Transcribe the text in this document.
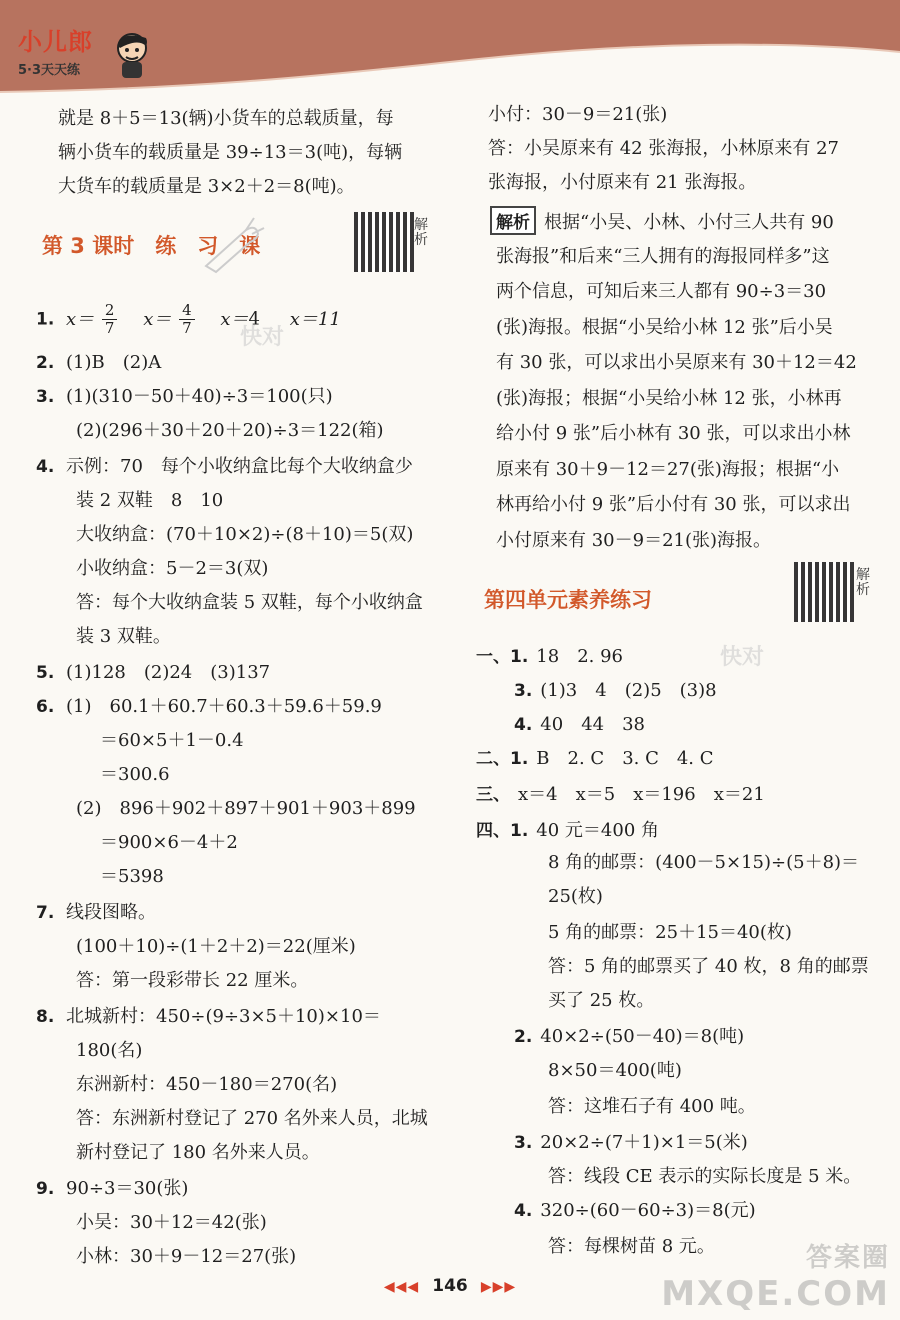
小儿郎
5·3天天练
就是 8＋5＝13(辆)小货车的总载质量，每
辆小货车的载质量是 39÷13＝3(吨)，每辆
大货车的载质量是 3×2＋2＝8(吨)。
第 3 课时　练　习　课
解析
1. $x= \frac{2}{7} x= \frac{4}{7} x=4$ x＝11
2. (1)B　(2)A
3. (1)(310－50＋40)÷3＝100(只)
(2)(296＋30＋20＋20)÷3＝122(箱)
4. 示例：70　每个小收纳盒比每个大收纳盒少
装 2 双鞋　8　10
大收纳盒：(70＋10×2)÷(8＋10)＝5(双)
小收纳盒：5－2＝3(双)
答：每个大收纳盒装 5 双鞋，每个小收纳盒
装 3 双鞋。
5. (1)128　(2)24　(3)137
6. (1)　60.1＋60.7＋60.3＋59.6＋59.9
＝60×5＋1－0.4
＝300.6
(2)　896＋902＋897＋901＋903＋899
＝900×6－4＋2
＝5398
7. 线段图略。
(100＋10)÷(1＋2＋2)＝22(厘米)
答：第一段彩带长 22 厘米。
8. 北城新村：450÷(9÷3×5＋10)×10＝
180(名)
东洲新村：450－180＝270(名)
答：东洲新村登记了 270 名外来人员，北城
新村登记了 180 名外来人员。
9. 90÷3＝30(张)
小吴：30＋12＝42(张)
小林：30＋9－12＝27(张)
小付：30－9＝21(张)
答：小吴原来有 42 张海报，小林原来有 27
张海报，小付原来有 21 张海报。
解析 根据“小吴、小林、小付三人共有 90
张海报”和后来“三人拥有的海报同样多”这
两个信息，可知后来三人都有 90÷3＝30
(张)海报。根据“小吴给小林 12 张”后小吴
有 30 张，可以求出小吴原来有 30＋12＝42
(张)海报；根据“小吴给小林 12 张，小林再
给小付 9 张”后小林有 30 张，可以求出小林
原来有 30＋9－12＝27(张)海报；根据“小
林再给小付 9 张”后小付有 30 张，可以求出
小付原来有 30－9＝21(张)海报。
第四单元素养练习
解析
一、1. 18　2. 96
3. (1)3　4　(2)5　(3)8
4. 40　44　38
二、1. B　2. C　3. C　4. C
三、 x＝4　x＝5　x＝196　x＝21
四、1. 40 元＝400 角
8 角的邮票：(400－5×15)÷(5＋8)＝
25(枚)
5 角的邮票：25＋15＝40(枚)
答：5 角的邮票买了 40 枚，8 角的邮票
买了 25 枚。
2. 40×2÷(50－40)＝8(吨)
8×50＝400(吨)
答：这堆石子有 400 吨。
3. 20×2÷(7＋1)×1＝5(米)
答：线段 CE 表示的实际长度是 5 米。
4. 320÷(60－60÷3)＝8(元)
答：每棵树苗 8 元。
快对
快对
◀◀◀ 146 ▶▶▶
答案圈
MXQE.COM
